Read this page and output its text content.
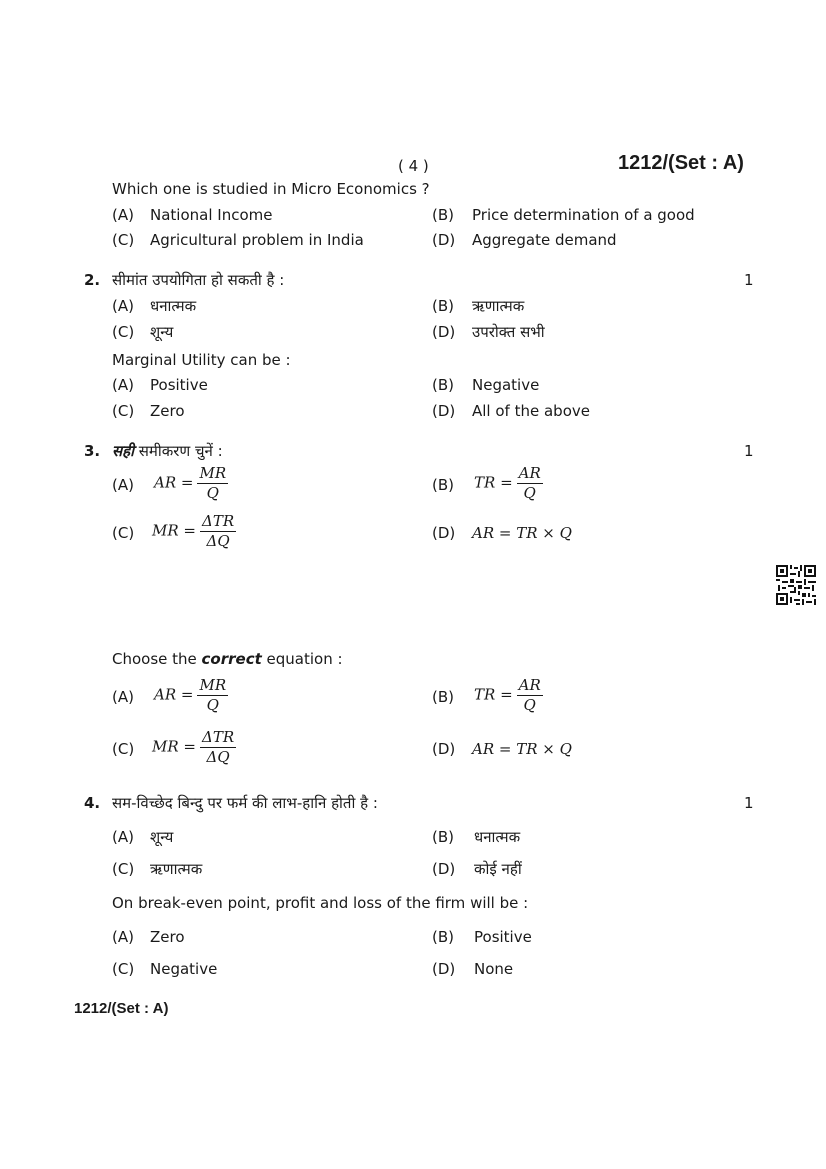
( 4 )	1212/(Set : A)
Which one is studied in Micro Economics ?
(A) National Income	(B) Price determination of a good
(C) Agricultural problem in India	(D) Aggregate demand
2. सीमांत उपयोगिता हो सकती है :	1
(A) धनात्मक	(B) ऋणात्मक
(C) शून्य	(D) उपरोक्त सभी
Marginal Utility can be :
(A) Positive	(B) Negative
(C) Zero	(D) All of the above
3. सही समीकरण चुनें :	1
(A) AR = $\frac{MR}{Q}$	(B) TR = $\frac{AR}{Q}$
(C) MR = $\frac{\text{ΔTR}}{\Delta Q}$	(D) AR = TR × Q
Choose the correct equation :
(A) AR = $\frac{MR}{Q}$	(B) TR = $\frac{AR}{Q}$
(C) MR = $\frac{\text{ΔTR}}{\Delta Q}$	(D) AR = TR × Q
4. सम-विच्छेद बिन्दु पर फर्म की लाभ-हानि होती है :	1
(A) शून्य	(B) धनात्मक
(C) ऋणात्मक	(D) कोई नहीं
On break-even point, profit and loss of the firm will be :
(A) Zero	(B) Positive
(C) Negative	(D) None
1212/(Set : A)
